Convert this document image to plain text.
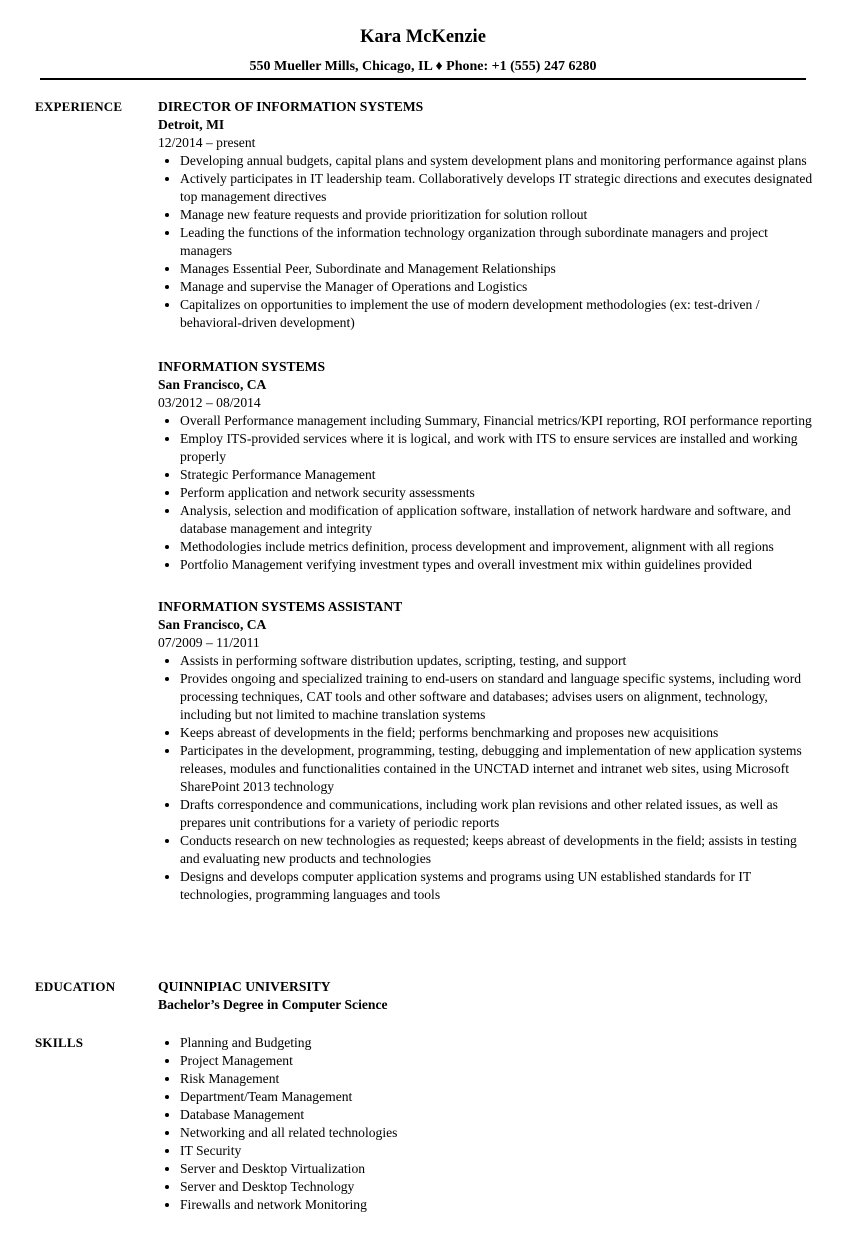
Kara McKenzie
550 Mueller Mills, Chicago, IL ♦ Phone: +1 (555) 247 6280
EXPERIENCE	DIRECTOR OF INFORMATION SYSTEMS
Detroit, MI
12/2014 – present
Developing annual budgets, capital plans and system development plans and monitoring performance against plans
Actively participates in IT leadership team. Collaboratively develops IT strategic directions and executes designated top management directives
Manage new feature requests and provide prioritization for solution rollout
Leading the functions of the information technology organization through subordinate managers and project managers
Manages Essential Peer, Subordinate and Management Relationships
Manage and supervise the Manager of Operations and Logistics
Capitalizes on opportunities to implement the use of modern development methodologies (ex: test-driven / behavioral-driven development)
INFORMATION SYSTEMS
San Francisco, CA
03/2012 – 08/2014
Overall Performance management including Summary, Financial metrics/KPI reporting, ROI performance reporting
Employ ITS-provided services where it is logical, and work with ITS to ensure services are installed and working properly
Strategic Performance Management
Perform application and network security assessments
Analysis, selection and modification of application software, installation of network hardware and software, and database management and integrity
Methodologies include metrics definition, process development and improvement, alignment with all regions
Portfolio Management verifying investment types and overall investment mix within guidelines provided
INFORMATION SYSTEMS ASSISTANT
San Francisco, CA
07/2009 – 11/2011
Assists in performing software distribution updates, scripting, testing, and support
Provides ongoing and specialized training to end-users on standard and language specific systems, including word processing techniques, CAT tools and other software and databases; advises users on alignment, technology, including but not limited to machine translation systems
Keeps abreast of developments in the field; performs benchmarking and proposes new acquisitions
Participates in the development, programming, testing, debugging and implementation of new application systems releases, modules and functionalities contained in the UNCTAD internet and intranet web sites, using Microsoft SharePoint 2013 technology
Drafts correspondence and communications, including work plan revisions and other related issues, as well as prepares unit contributions for a variety of periodic reports
Conducts research on new technologies as requested; keeps abreast of developments in the field; assists in testing and evaluating new products and technologies
Designs and develops computer application systems and programs using UN established standards for IT technologies, programming languages and tools
EDUCATION	QUINNIPIAC UNIVERSITY
Bachelor’s Degree in Computer Science
SKILLS	Planning and Budgeting
Project Management
Risk Management
Department/Team Management
Database Management
Networking and all related technologies
IT Security
Server and Desktop Virtualization
Server and Desktop Technology
Firewalls and network Monitoring
